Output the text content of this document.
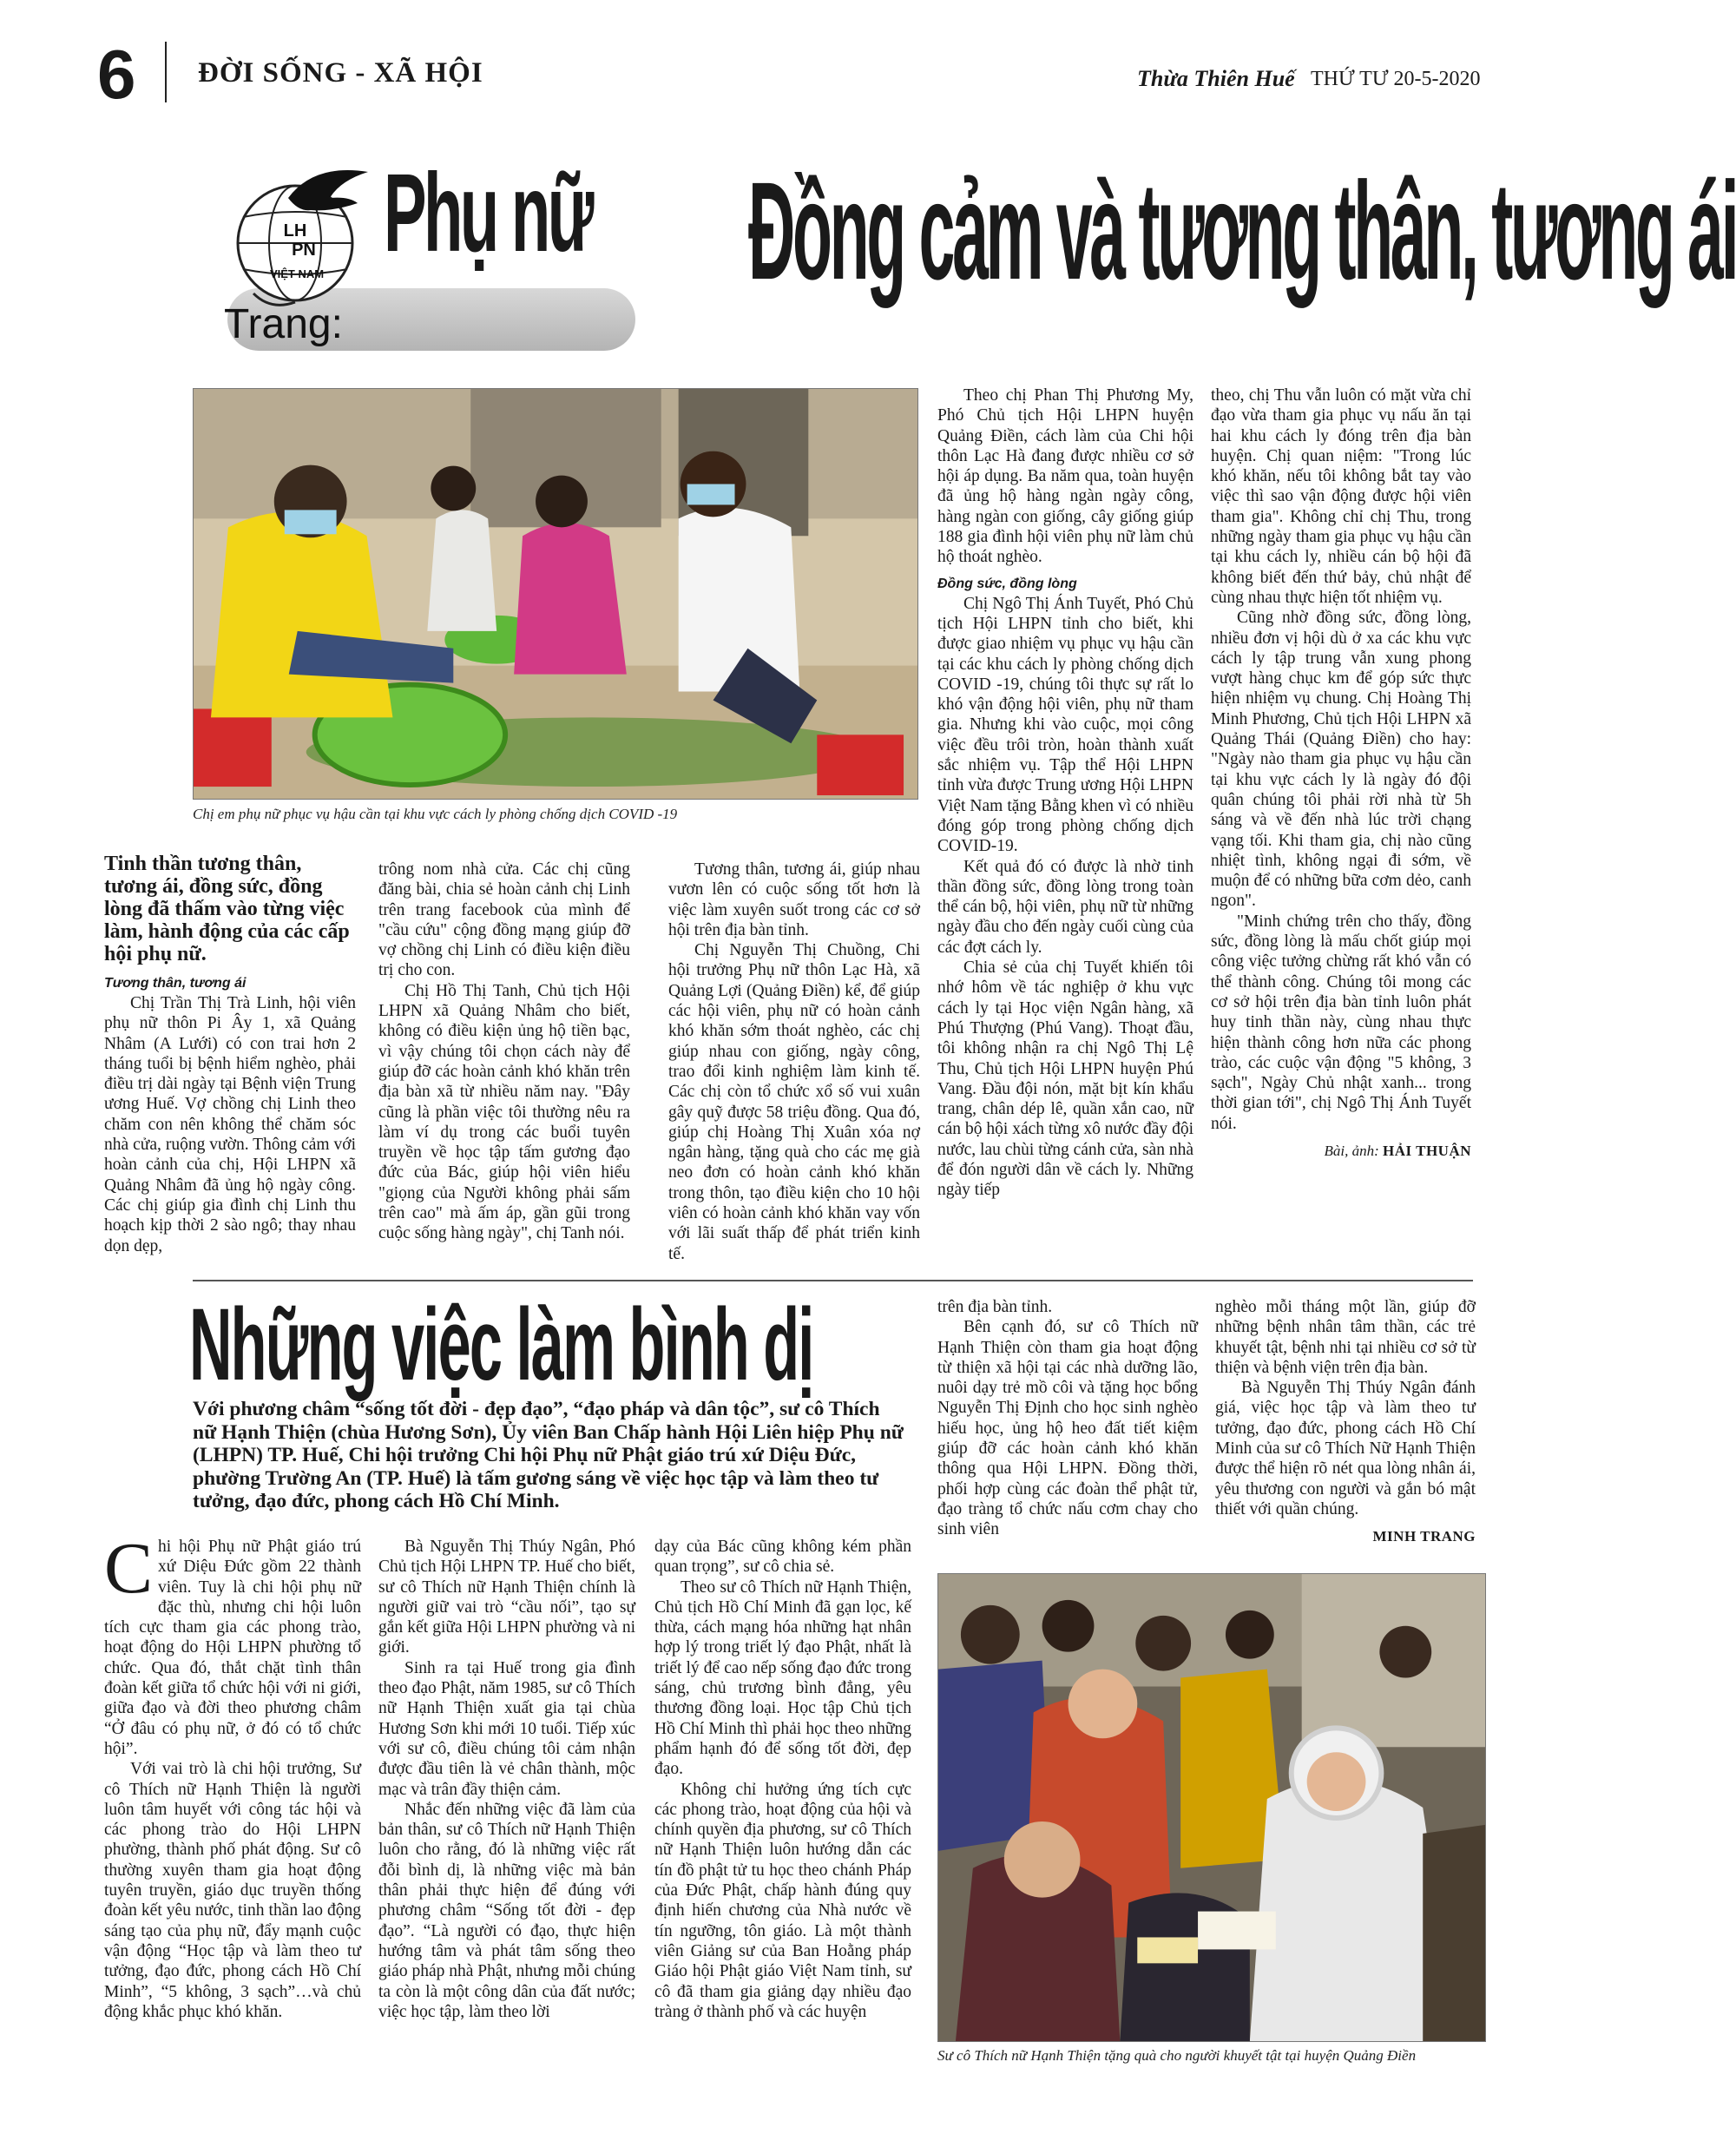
6 ĐỜI SỐNG - XÃ HỘI	Thừa Thiên Huế THỨ TƯ 20-5-2020
Trang:
LH
PN
VIỆT NAM Phụ nữ Đồng cảm và tương thân, tương ái
Chị em phụ nữ phục vụ hậu cần tại khu vực cách ly phòng chống dịch COVID -19

Tinh thần tương thân, tương ái, đồng sức, đồng lòng đã thấm vào từng việc làm, hành động của các cấp hội phụ nữ.

Tương thân, tương ái

Chị Trần Thị Trà Linh, hội viên phụ nữ thôn Pi Ây 1, xã Quảng Nhâm (A Lưới) có con trai hơn 2 tháng tuổi bị bệnh hiểm nghèo, phải điều trị dài ngày tại Bệnh viện Trung ương Huế. Vợ chồng chị Linh theo chăm con nên không thể chăm sóc nhà cửa, ruộng vườn. Thông cảm với hoàn cảnh của chị, Hội LHPN xã Quảng Nhâm đã ủng hộ ngày công. Các chị giúp gia đình chị Linh thu hoạch kịp thời 2 sào ngô; thay nhau dọn dẹp,

trông nom nhà cửa. Các chị cũng đăng bài, chia sẻ hoàn cảnh chị Linh trên trang facebook của mình để "cầu cứu" cộng đồng mạng giúp đỡ vợ chồng chị Linh có điều kiện điều trị cho con.

Chị Hồ Thị Tanh, Chủ tịch Hội LHPN xã Quảng Nhâm cho biết, không có điều kiện ủng hộ tiền bạc, vì vậy chúng tôi chọn cách này để giúp đỡ các hoàn cảnh khó khăn trên địa bàn xã từ nhiều năm nay. "Đây cũng là phần việc tôi thường nêu ra làm ví dụ trong các buổi tuyên truyền về học tập tấm gương đạo đức của Bác, giúp hội viên hiểu "giọng của Người không phải sấm trên cao" mà ấm áp, gần gũi trong cuộc sống hàng ngày", chị Tanh nói.

Tương thân, tương ái, giúp nhau vươn lên có cuộc sống tốt hơn là việc làm xuyên suốt trong các cơ sở hội trên địa bàn tỉnh.

Chị Nguyễn Thị Chuồng, Chi hội trưởng Phụ nữ thôn Lạc Hà, xã Quảng Lợi (Quảng Điền) kể, để giúp các hội viên, phụ nữ có hoàn cảnh khó khăn sớm thoát nghèo, các chị giúp nhau con giống, ngày công, trao đổi kinh nghiệm làm kinh tế. Các chị còn tổ chức xổ số vui xuân gây quỹ được 58 triệu đồng. Qua đó, giúp chị Hoàng Thị Xuân xóa nợ ngân hàng, tặng quà cho các mẹ già neo đơn có hoàn cảnh khó khăn trong thôn, tạo điều kiện cho 10 hội viên có hoàn cảnh khó khăn vay vốn với lãi suất thấp để phát triển kinh tế.

Theo chị Phan Thị Phương My, Phó Chủ tịch Hội LHPN huyện Quảng Điền, cách làm của Chi hội thôn Lạc Hà đang được nhiều cơ sở hội áp dụng. Ba năm qua, toàn huyện đã ủng hộ hàng ngàn ngày công, hàng ngàn con giống, cây giống giúp 188 gia đình hội viên phụ nữ làm chủ hộ thoát nghèo.

Đồng sức, đồng lòng

Chị Ngô Thị Ánh Tuyết, Phó Chủ tịch Hội LHPN tỉnh cho biết, khi được giao nhiệm vụ phục vụ hậu cần tại các khu cách ly phòng chống dịch COVID -19, chúng tôi thực sự rất lo khó vận động hội viên, phụ nữ tham gia. Nhưng khi vào cuộc, mọi công việc đều trôi tròn, hoàn thành xuất sắc nhiệm vụ. Tập thể Hội LHPN tỉnh vừa được Trung ương Hội LHPN Việt Nam tặng Bằng khen vì có nhiều đóng góp trong phòng chống dịch COVID-19.

Kết quả đó có được là nhờ tinh thần đồng sức, đồng lòng trong toàn thể cán bộ, hội viên, phụ nữ từ những ngày đầu cho đến ngày cuối cùng của các đợt cách ly.

Chia sẻ của chị Tuyết khiến tôi nhớ hôm về tác nghiệp ở khu vực cách ly tại Học viện Ngân hàng, xã Phú Thượng (Phú Vang). Thoạt đầu, tôi không nhận ra chị Ngô Thị Lệ Thu, Chủ tịch Hội LHPN huyện Phú Vang. Đầu đội nón, mặt bịt kín khẩu trang, chân dép lê, quần xắn cao, nữ cán bộ hội xách từng xô nước đầy đội nước, lau chùi từng cánh cửa, sàn nhà để đón người dân về cách ly. Những ngày tiếp

theo, chị Thu vẫn luôn có mặt vừa chỉ đạo vừa tham gia phục vụ nấu ăn tại hai khu cách ly đóng trên địa bàn huyện. Chị quan niệm: "Trong lúc khó khăn, nếu tôi không bắt tay vào việc thì sao vận động được hội viên tham gia". Không chỉ chị Thu, trong những ngày tham gia phục vụ hậu cần tại khu cách ly, nhiều cán bộ hội đã không biết đến thứ bảy, chủ nhật để cùng nhau thực hiện tốt nhiệm vụ.

Cũng nhờ đồng sức, đồng lòng, nhiều đơn vị hội dù ở xa các khu vực cách ly tập trung vẫn xung phong vượt hàng chục km để góp sức thực hiện nhiệm vụ chung. Chị Hoàng Thị Minh Phương, Chủ tịch Hội LHPN xã Quảng Thái (Quảng Điền) cho hay: "Ngày nào tham gia phục vụ hậu cần tại khu vực cách ly là ngày đó đội quân chúng tôi phải rời nhà từ 5h sáng và về đến nhà lúc trời chạng vạng tối. Khi tham gia, chị nào cũng nhiệt tình, không ngại đi sớm, về muộn để có những bữa cơm dẻo, canh ngon".

"Minh chứng trên cho thấy, đồng sức, đồng lòng là mấu chốt giúp mọi công việc tưởng chừng rất khó vẫn có thể thành công. Chúng tôi mong các cơ sở hội trên địa bàn tỉnh luôn phát huy tinh thần này, cùng nhau thực hiện thành công hơn nữa các phong trào, các cuộc vận động "5 không, 3 sạch", Ngày Chủ nhật xanh... trong thời gian tới", chị Ngô Thị Ánh Tuyết nói.

Bài, ảnh: HẢI THUẬN

Những việc làm bình dị
Với phương châm “sống tốt đời - đẹp đạo”, “đạo pháp và dân tộc”, sư cô Thích nữ Hạnh Thiện (chùa Hương Sơn), Ủy viên Ban Chấp hành Hội Liên hiệp Phụ nữ (LHPN) TP. Huế, Chi hội trưởng Chi hội Phụ nữ Phật giáo trú xứ Diệu Đức, phường Trường An (TP. Huế) là tấm gương sáng về việc học tập và làm theo tư tưởng, đạo đức, phong cách Hồ Chí Minh.

Chi hội Phụ nữ Phật giáo trú xứ Diệu Đức gồm 22 thành viên. Tuy là chi hội phụ nữ đặc thù, nhưng chi hội luôn tích cực tham gia các phong trào, hoạt động do Hội LHPN phường tổ chức. Qua đó, thắt chặt tình thân đoàn kết giữa tổ chức hội với ni giới, giữa đạo và đời theo phương châm “Ở đâu có phụ nữ, ở đó có tổ chức hội”.

Với vai trò là chi hội trưởng, Sư cô Thích nữ Hạnh Thiện là người luôn tâm huyết với công tác hội và các phong trào do Hội LHPN phường, thành phố phát động. Sư cô thường xuyên tham gia hoạt động tuyên truyền, giáo dục truyền thống đoàn kết yêu nước, tinh thần lao động sáng tạo của phụ nữ, đẩy mạnh cuộc vận động “Học tập và làm theo tư tưởng, đạo đức, phong cách Hồ Chí Minh”, “5 không, 3 sạch”…và chủ động khắc phục khó khăn.

Bà Nguyễn Thị Thúy Ngân, Phó Chủ tịch Hội LHPN TP. Huế cho biết, sư cô Thích nữ Hạnh Thiện chính là người giữ vai trò “cầu nối”, tạo sự gắn kết giữa Hội LHPN phường và ni giới.

Sinh ra tại Huế trong gia đình theo đạo Phật, năm 1985, sư cô Thích nữ Hạnh Thiện xuất gia tại chùa Hương Sơn khi mới 10 tuổi. Tiếp xúc với sư cô, điều chúng tôi cảm nhận được đầu tiên là vẻ chân thành, mộc mạc và trân đầy thiện cảm.

Nhắc đến những việc đã làm của bản thân, sư cô Thích nữ Hạnh Thiện luôn cho rằng, đó là những việc rất đỗi bình dị, là những việc mà bản thân phải thực hiện để đúng với phương châm “Sống tốt đời - đẹp đạo”. “Là người có đạo, thực hiện hướng tâm và phát tâm sống theo giáo pháp nhà Phật, nhưng mỗi chúng ta còn là một công dân của đất nước; việc học tập, làm theo lời

dạy của Bác cũng không kém phần quan trọng”, sư cô chia sẻ.

Theo sư cô Thích nữ Hạnh Thiện, Chủ tịch Hồ Chí Minh đã gạn lọc, kế thừa, cách mạng hóa những hạt nhân hợp lý trong triết lý đạo Phật, nhất là triết lý để cao nếp sống đạo đức trong sáng, chủ trương bình đẳng, yêu thương đồng loại. Học tập Chủ tịch Hồ Chí Minh thì phải học theo những phẩm hạnh đó để sống tốt đời, đẹp đạo.

Không chỉ hưởng ứng tích cực các phong trào, hoạt động của hội và chính quyền địa phương, sư cô Thích nữ Hạnh Thiện luôn hướng dẫn các tín đồ phật tử tu học theo chánh Pháp của Đức Phật, chấp hành đúng quy định hiến chương của Nhà nước về tín ngưỡng, tôn giáo. Là một thành viên Giảng sư của Ban Hoằng pháp Giáo hội Phật giáo Việt Nam tỉnh, sư cô đã tham gia giảng dạy nhiều đạo tràng ở thành phố và các huyện

trên địa bàn tỉnh.

Bên cạnh đó, sư cô Thích nữ Hạnh Thiện còn tham gia hoạt động từ thiện xã hội tại các nhà dưỡng lão, nuôi dạy trẻ mồ côi và tặng học bổng Nguyễn Thị Định cho học sinh nghèo hiếu học, ủng hộ heo đất tiết kiệm giúp đỡ các hoàn cảnh khó khăn thông qua Hội LHPN. Đồng thời, phối hợp cùng các đoàn thể phật tử, đạo tràng tổ chức nấu cơm chay cho sinh viên

nghèo mỗi tháng một lần, giúp đỡ những bệnh nhân tâm thần, các trẻ khuyết tật, bệnh nhi tại nhiều cơ sở từ thiện và bệnh viện trên địa bàn.

Bà Nguyễn Thị Thúy Ngân đánh giá, việc học tập và làm theo tư tưởng, đạo đức, phong cách Hồ Chí Minh của sư cô Thích Nữ Hạnh Thiện được thể hiện rõ nét qua lòng nhân ái, yêu thương con người và gắn bó mật thiết với quần chúng.

MINH TRANG

Sư cô Thích nữ Hạnh Thiện tặng quà cho người khuyết tật tại huyện Quảng Điền
